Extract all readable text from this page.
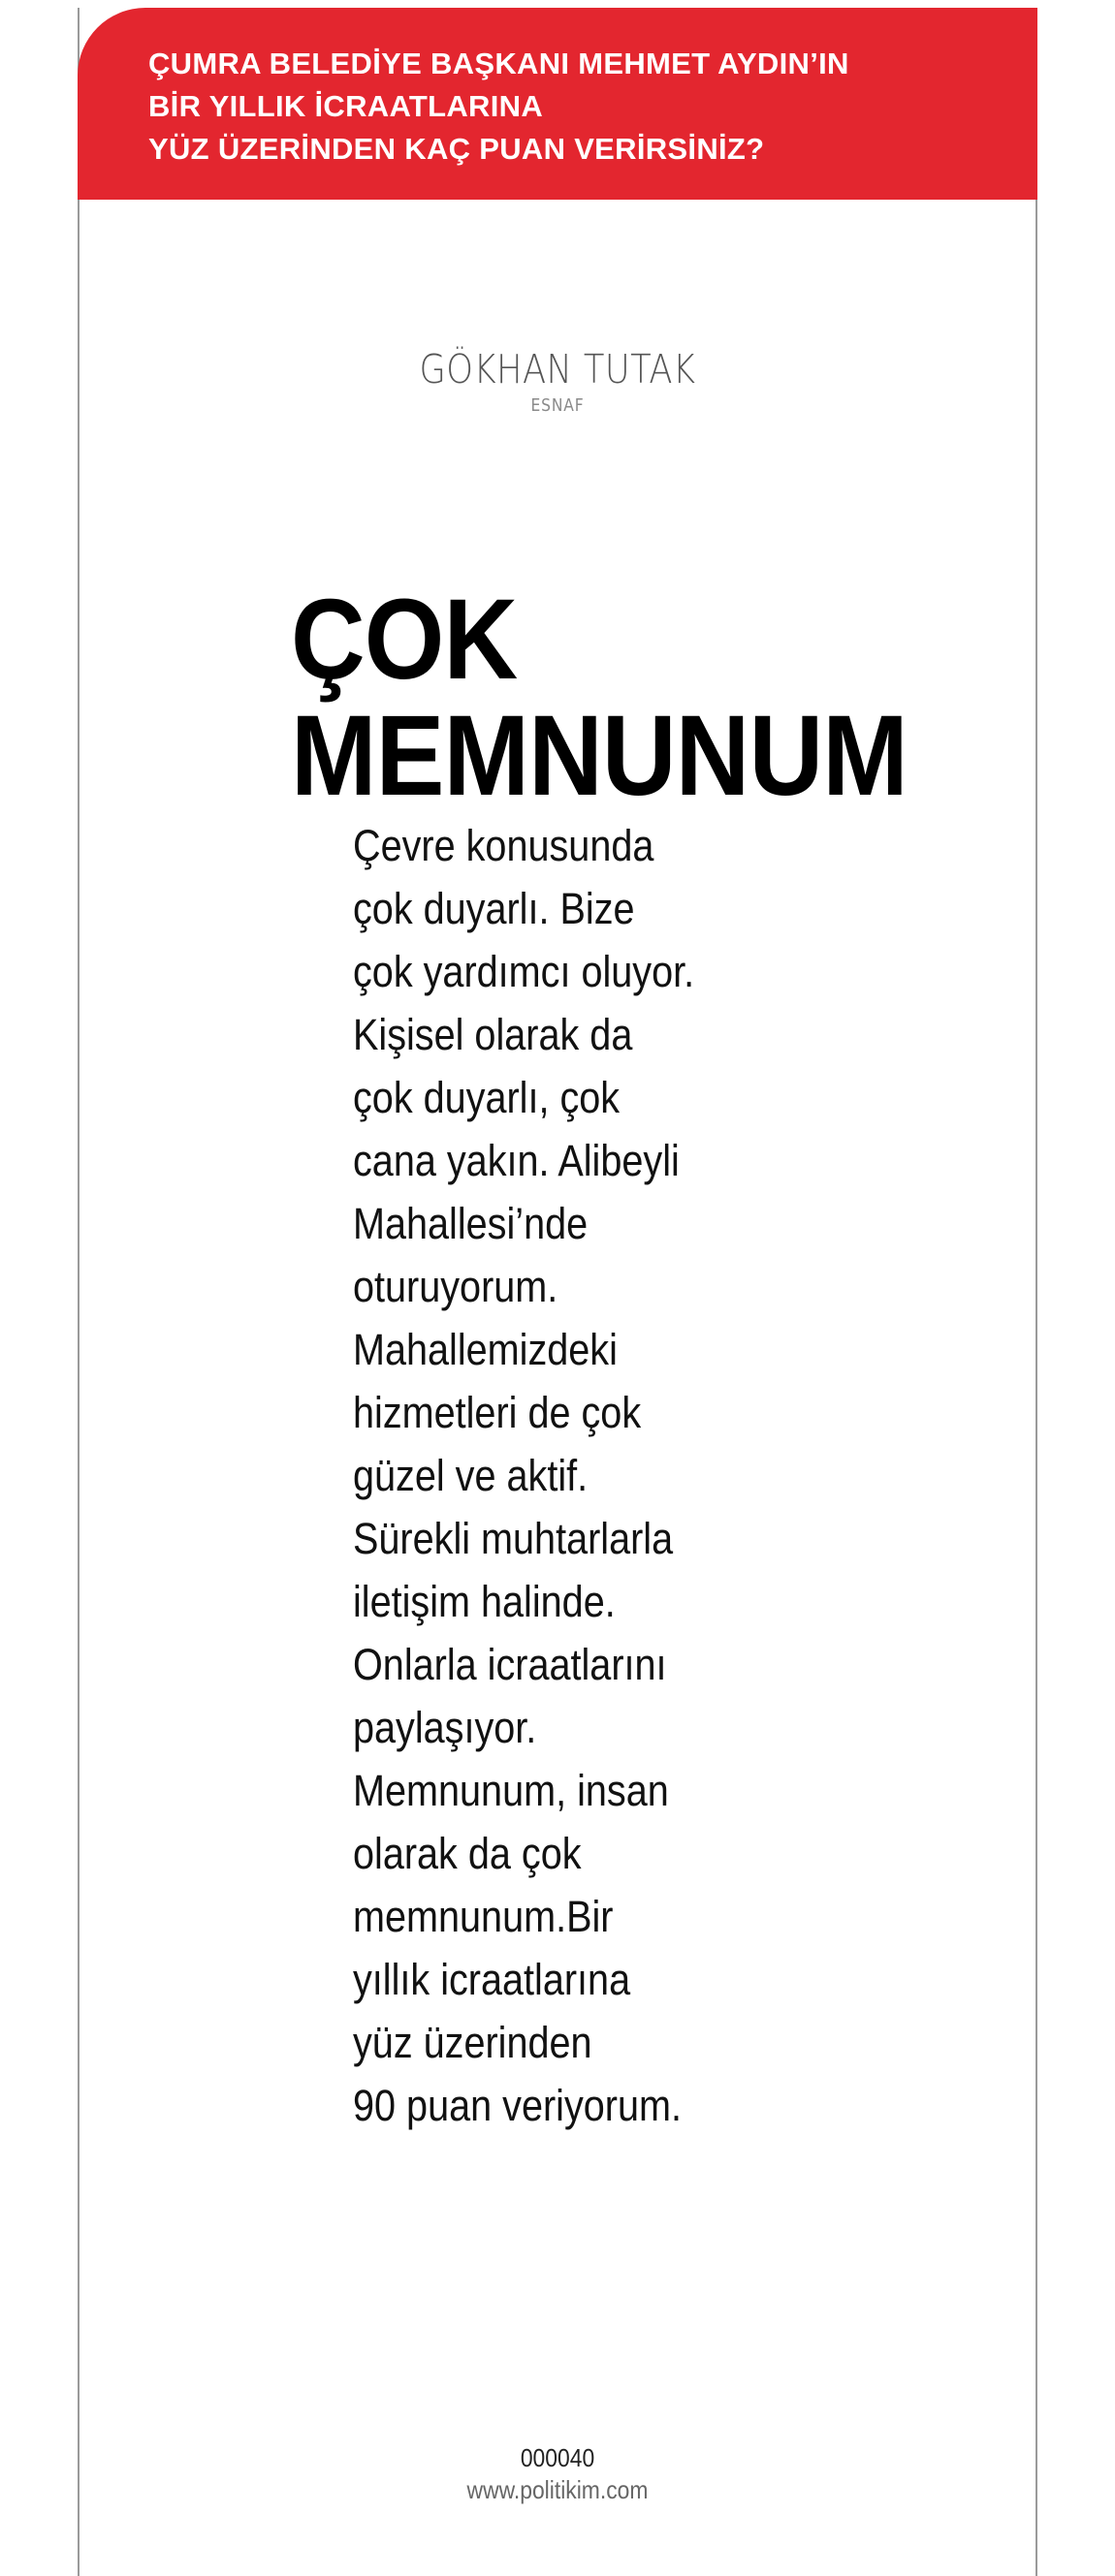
ÇUMRA BELEDİYE BAŞKANI MEHMET AYDIN’IN
BİR YILLIK İCRAATLARINA
YÜZ ÜZERİNDEN KAÇ PUAN VERİRSİNİZ?
GÖKHAN TUTAK
ESNAF
ÇOK
MEMNUNUM
Çevre konusunda
çok duyarlı. Bize
çok yardımcı oluyor.
Kişisel olarak da
çok duyarlı, çok
cana yakın. Alibeyli
Mahallesi’nde
oturuyorum.
Mahallemizdeki
hizmetleri de çok
güzel ve aktif.
Sürekli muhtarlarla
iletişim halinde.
Onlarla icraatlarını
paylaşıyor.
Memnunum, insan
olarak da çok
memnunum.Bir
yıllık icraatlarına
yüz üzerinden
90 puan veriyorum.
000040
www.politikim.com
